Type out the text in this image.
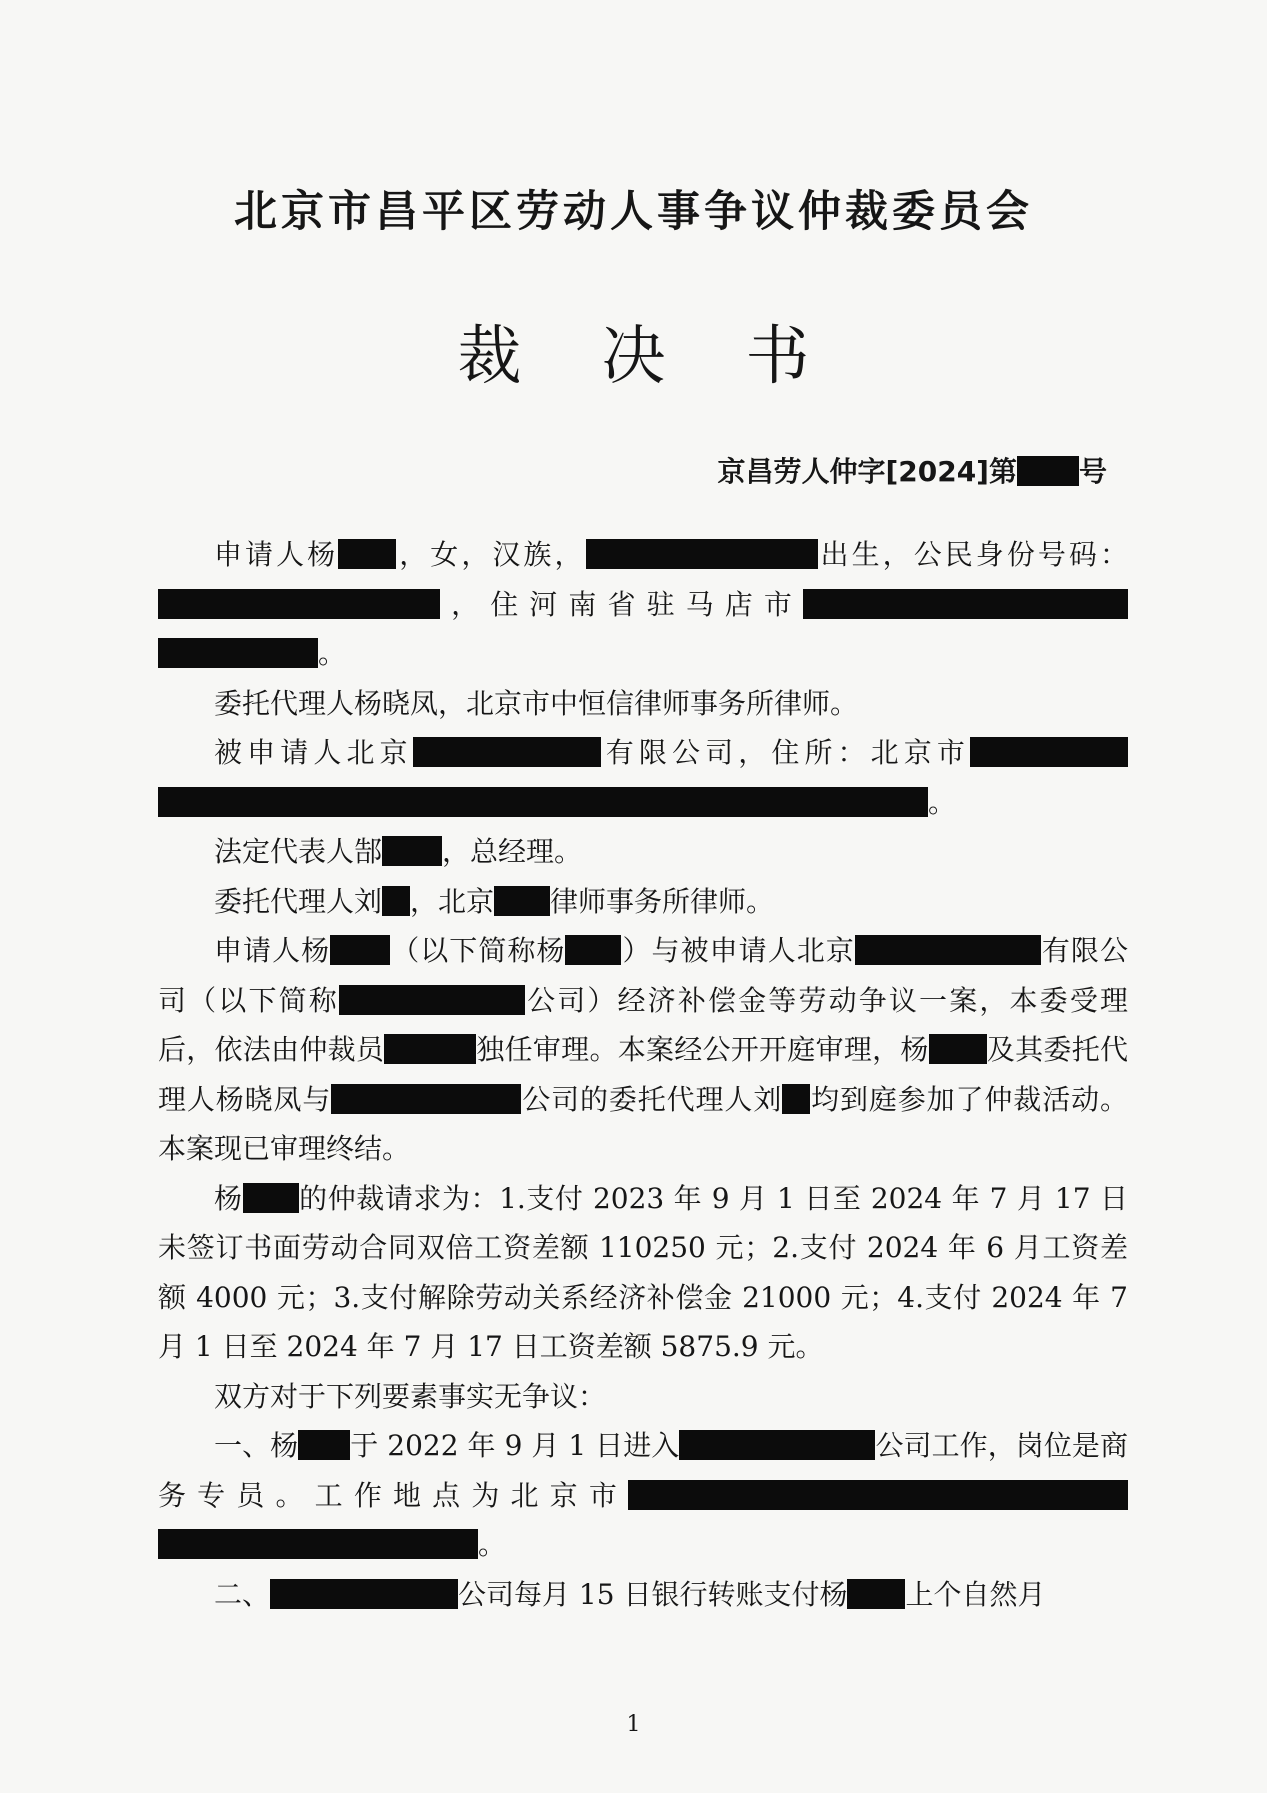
北京市昌平区劳动人事争议仲裁委员会
裁决书
京昌劳人仲字[2024]第 号

申请人杨 ，女，汉族，	出生，公民身份号码：，住河南省驻马店市。

委托代理人杨晓凤，北京市中恒信律师事务所律师。

被申请人北京	有限公司，住所：北京市。

法定代表人郜 ，总经理。

委托代理人刘 ，北京 律师事务所律师。

申请人杨 （以下简称杨 ）与被申请人北京	有限公司（以下简称	公司）经济补偿金等劳动争议一案，本委受理后，依法由仲裁员	独任审理。本案经公开开庭审理，杨 及其委托代理人杨晓凤与	公司的委托代理人刘 均到庭参加了仲裁活动。本案现已审理终结。

杨 的仲裁请求为：1.支付 2023 年 9 月 1 日至 2024 年 7 月 17 日未签订书面劳动合同双倍工资差额 110250 元；2.支付 2024 年 6 月工资差额 4000 元；3.支付解除劳动关系经济补偿金 21000 元；4.支付 2024 年 7 月 1 日至 2024 年 7 月 17 日工资差额 5875.9 元。

双方对于下列要素事实无争议：

一、杨 于 2022 年 9 月 1 日进入	公司工作，岗位是商务专员。工作地点为北京市。

二、	公司每月 15 日银行转账支付杨 上个自然月

1
